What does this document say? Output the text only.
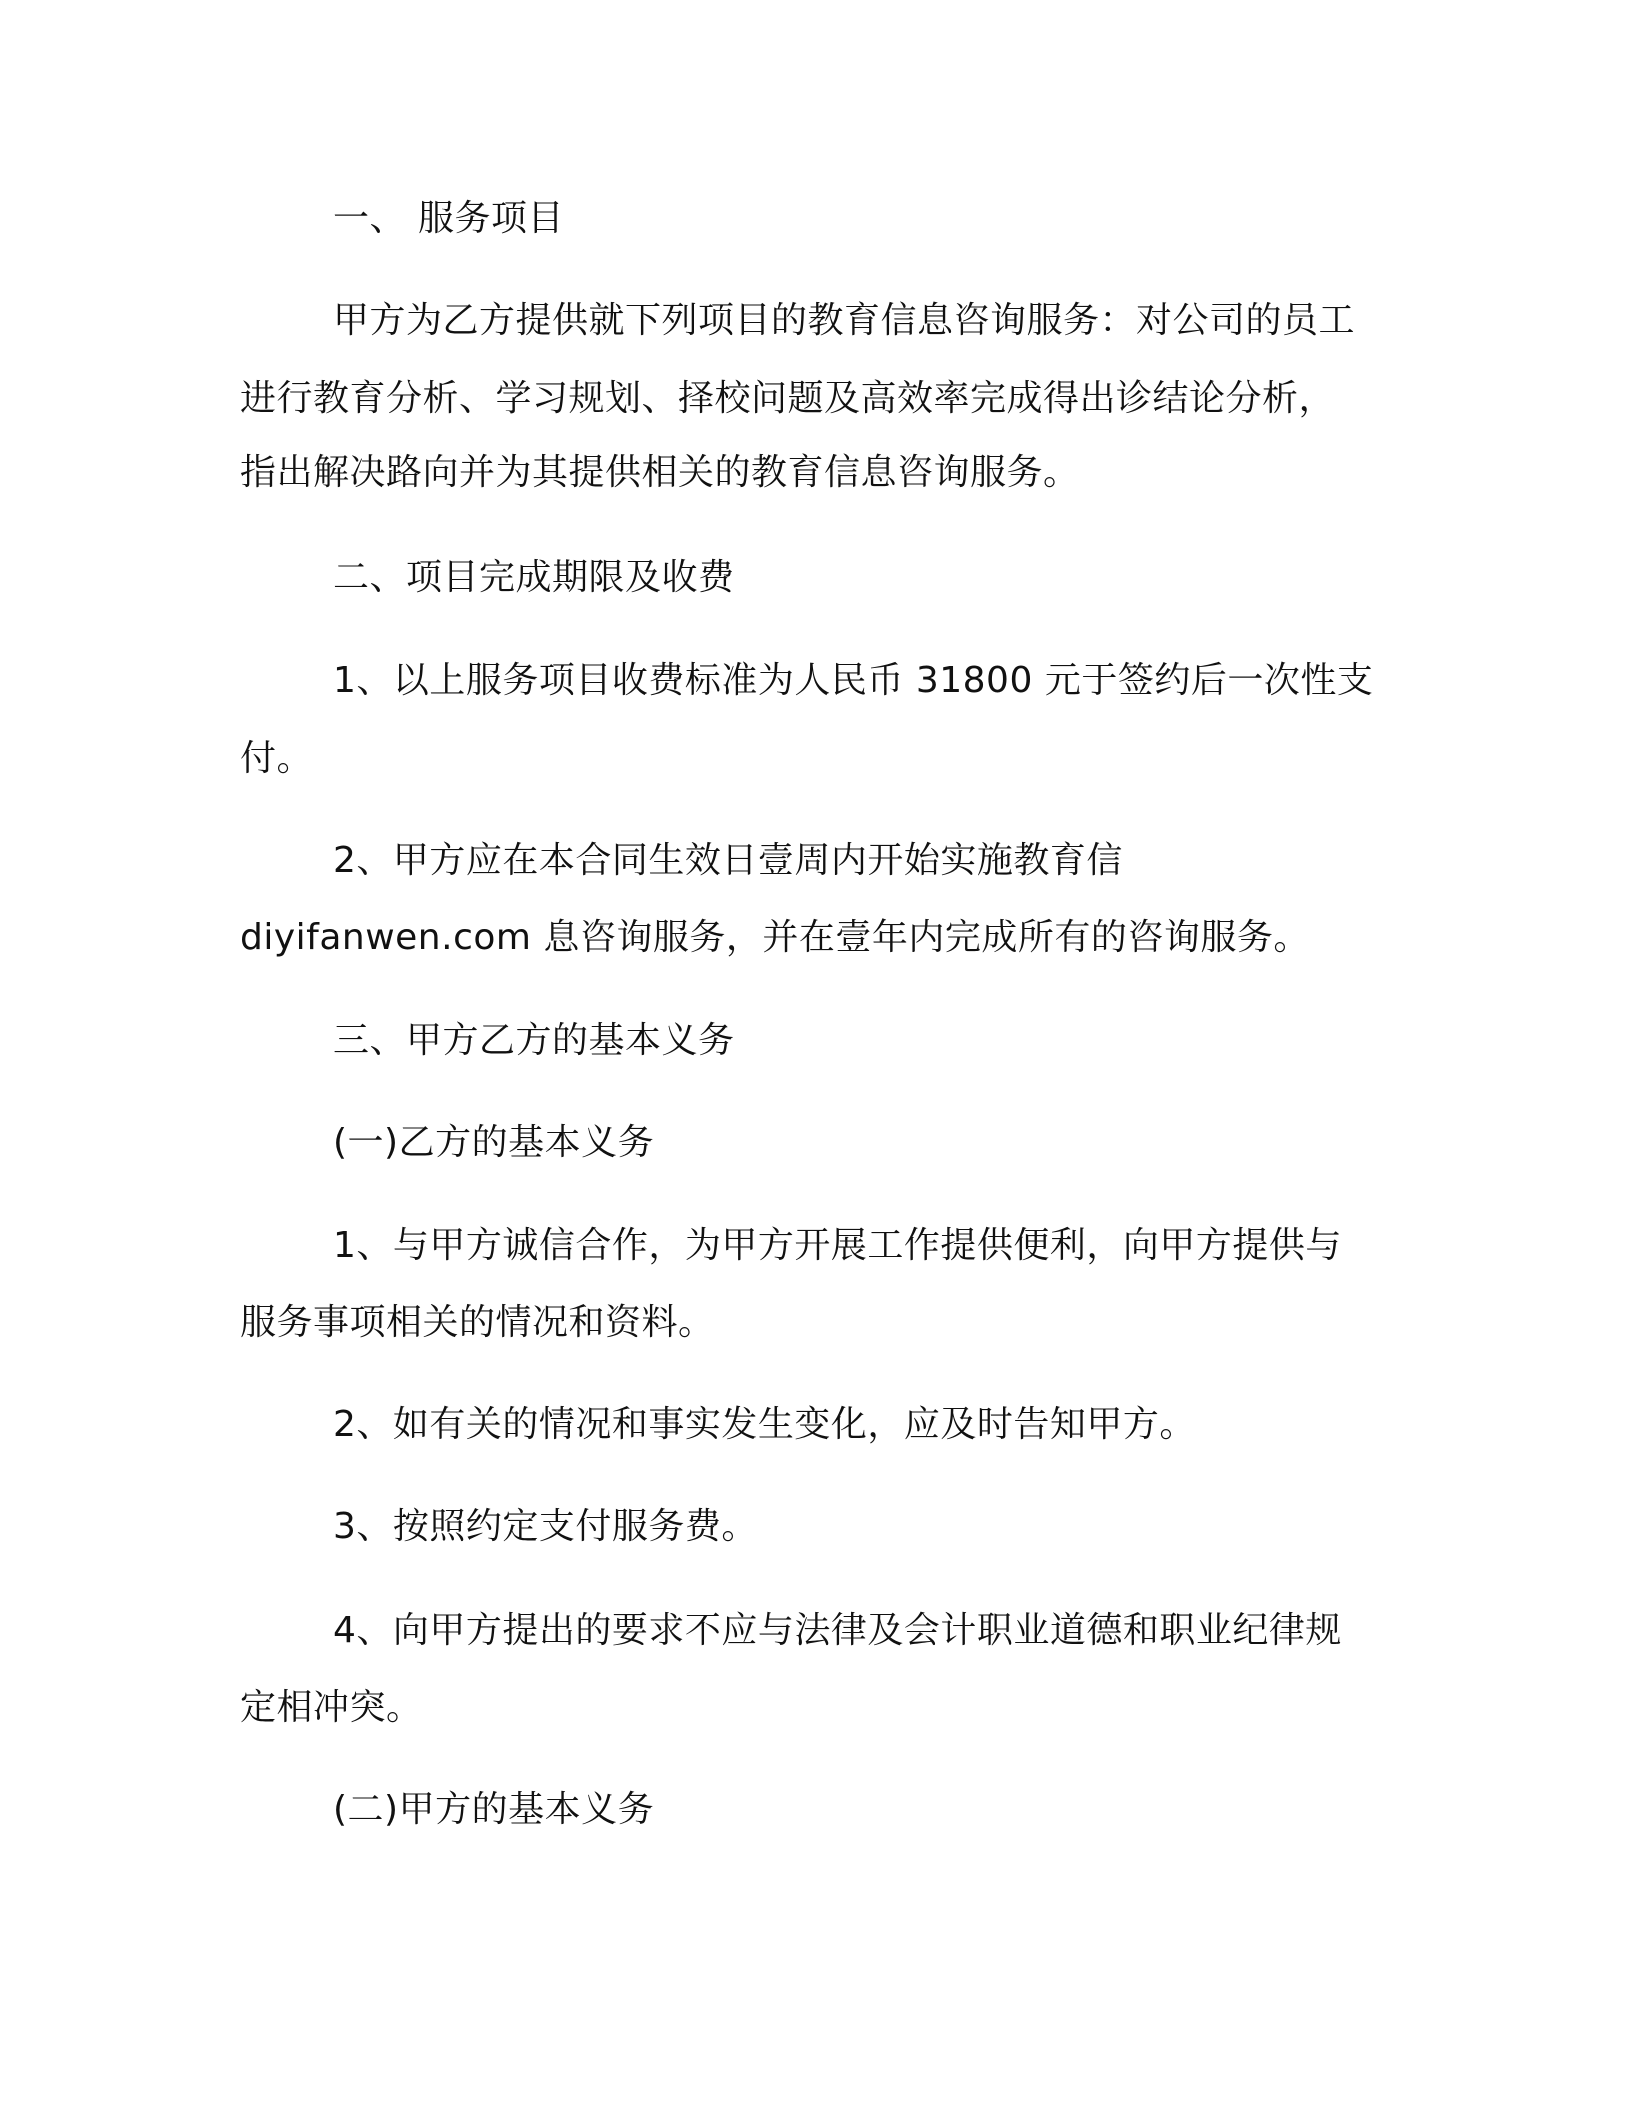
一、 服务项目
甲方为乙方提供就下列项目的教育信息咨询服务：对公司的员工
进行教育分析、学习规划、择校问题及高效率完成得出诊结论分析，
指出解决路向并为其提供相关的教育信息咨询服务。
二、项目完成期限及收费
1、以上服务项目收费标准为人民币 31800 元于签约后一次性支
付。
2、甲方应在本合同生效日壹周内开始实施教育信
diyifanwen.com 息咨询服务，并在壹年内完成所有的咨询服务。
三、甲方乙方的基本义务
(一)乙方的基本义务
1、与甲方诚信合作，为甲方开展工作提供便利，向甲方提供与
服务事项相关的情况和资料。
2、如有关的情况和事实发生变化，应及时告知甲方。
3、按照约定支付服务费。
4、向甲方提出的要求不应与法律及会计职业道德和职业纪律规
定相冲突。
(二)甲方的基本义务
